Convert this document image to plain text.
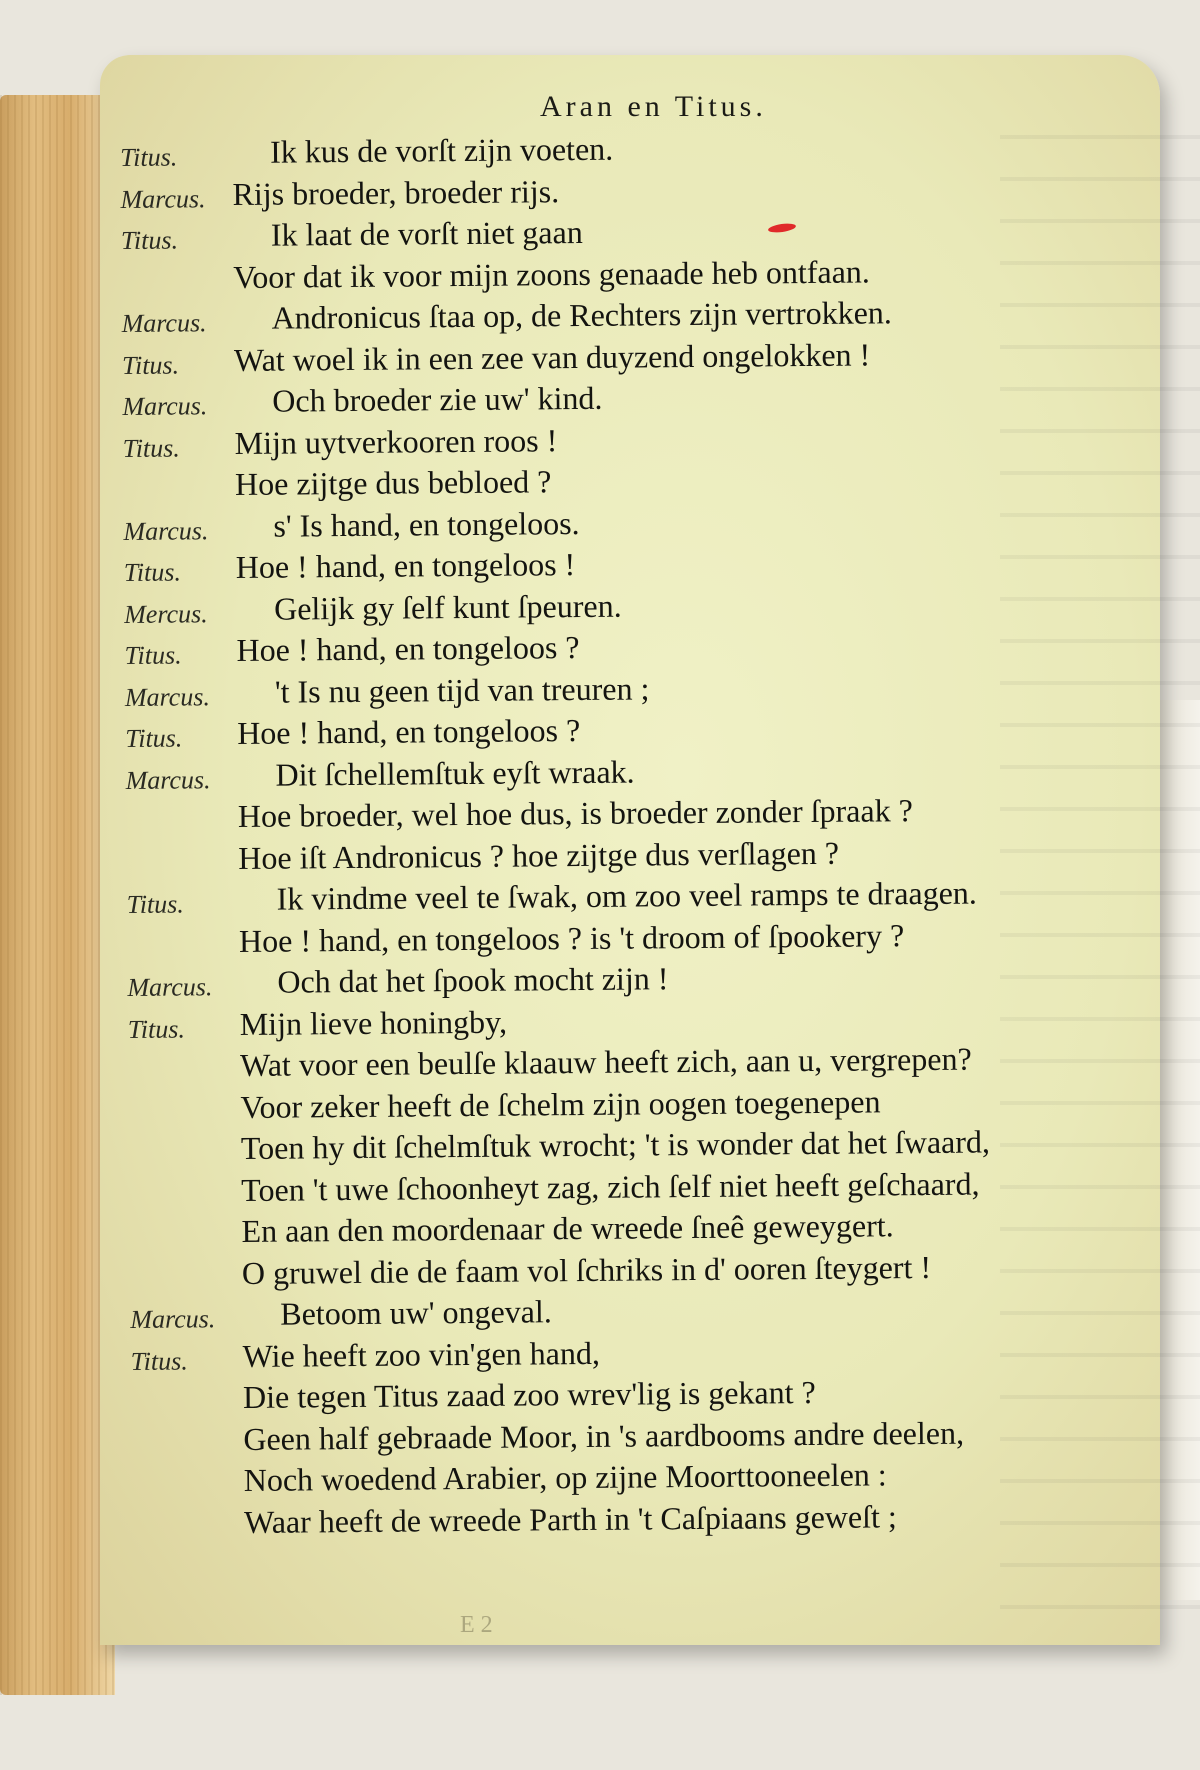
Aran en Titus.
Titus.	Ik kus de vorſt zijn voeten.
Marcus. Rijs broeder, broeder rijs.
Titus.	Ik laat de vorſt niet gaan
Voor dat ik voor mijn zoons genaade heb ontfaan.
Marcus. Andronicus ſtaa op, de Rechters zijn vertrokken.
Titus. Wat woel ik in een zee van duyzend ongelokken !
Marcus. Och broeder zie uw' kind.
Titus. Mijn uytverkooren roos !
Hoe zijtge dus bebloed ?
Marcus. s' Is hand, en tongeloos.
Titus. Hoe ! hand, en tongeloos !
Mercus. Gelijk gy ſelf kunt ſpeuren.
Titus. Hoe ! hand, en tongeloos ?
Marcus. 't Is nu geen tijd van treuren ;
Titus. Hoe ! hand, en tongeloos ?
Marcus. Dit ſchellemſtuk eyſt wraak.
Hoe broeder, wel hoe dus, is broeder zonder ſpraak ?
Hoe iſt Andronicus ? hoe zijtge dus verſlagen ?
Titus.	Ik vindme veel te ſwak, om zoo veel ramps te draagen.
Hoe ! hand, en tongeloos ? is 't droom of ſpookery ?
Marcus. Och dat het ſpook mocht zijn !
Titus. Mijn lieve honingby,
Wat voor een beulſe klaauw heeft zich, aan u, vergrepen?
Voor zeker heeft de ſchelm zijn oogen toegenepen
Toen hy dit ſchelmſtuk wrocht; 't is wonder dat het ſwaard,
Toen 't uwe ſchoonheyt zag, zich ſelf niet heeft geſchaard,
En aan den moordenaar de wreede ſneê geweygert.
O gruwel die de faam vol ſchriks in d' ooren ſteygert !
Marcus. Betoom uw' ongeval.
Titus. Wie heeft zoo vin'gen hand,
Die tegen Titus zaad zoo wrev'lig is gekant ?
Geen half gebraade Moor, in 's aardbooms andre deelen,
Noch woedend Arabier, op zijne Moorttooneelen :
Waar heeft de wreede Parth in 't Caſpiaans geweſt ;
E 2
